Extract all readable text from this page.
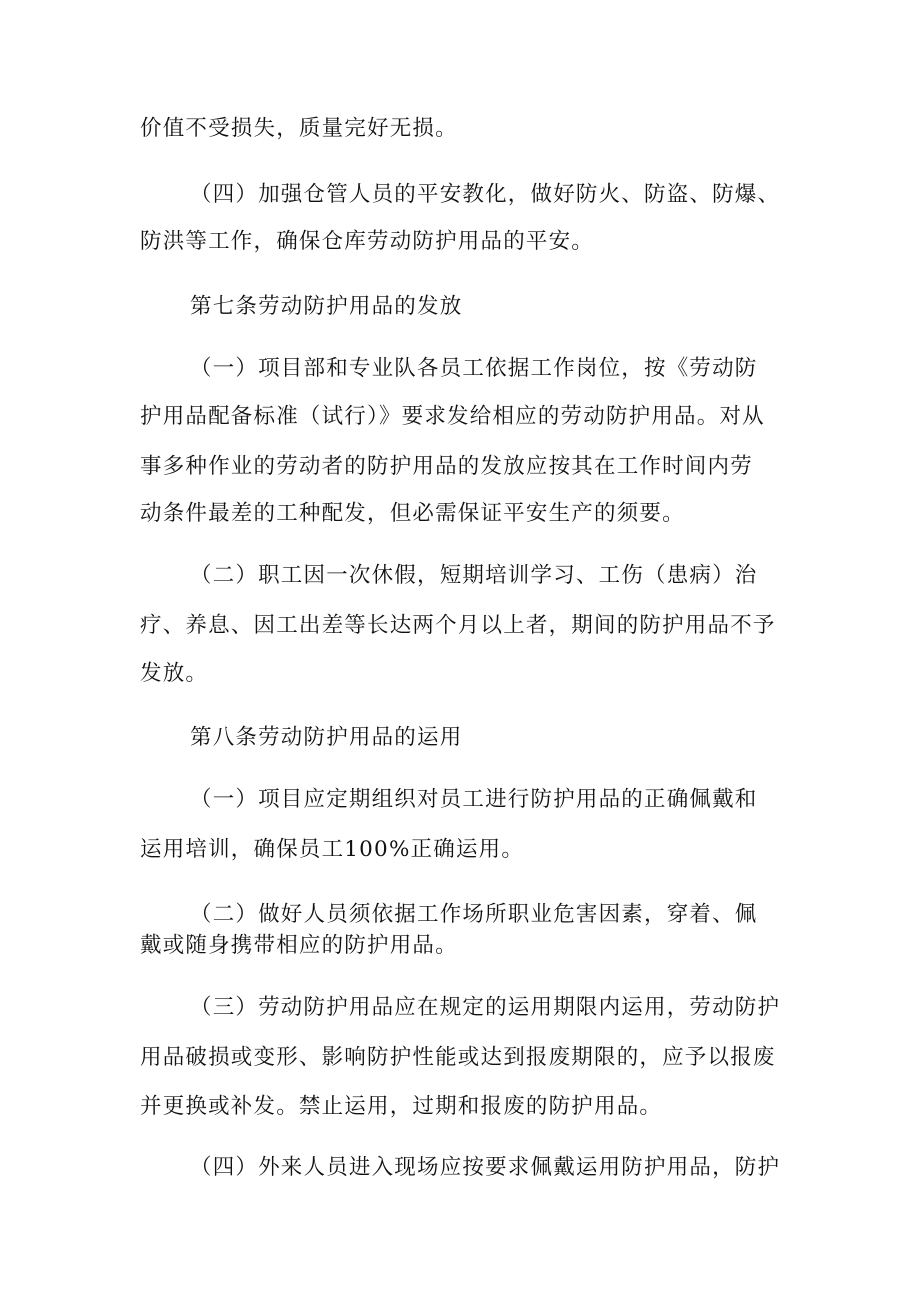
价值不受损失，质量完好无损。
（四）加强仓管人员的平安教化，做好防火、防盗、防爆、
防洪等工作，确保仓库劳动防护用品的平安。
第七条劳动防护用品的发放
（一）项目部和专业队各员工依据工作岗位，按《劳动防
护用品配备标准（试行）》要求发给相应的劳动防护用品。对从
事多种作业的劳动者的防护用品的发放应按其在工作时间内劳
动条件最差的工种配发，但必需保证平安生产的须要。
（二）职工因一次休假，短期培训学习、工伤（患病）治
疗、养息、因工出差等长达两个月以上者，期间的防护用品不予
发放。
第八条劳动防护用品的运用
（一）项目应定期组织对员工进行防护用品的正确佩戴和
运用培训，确保员工100%正确运用。
（二）做好人员须依据工作场所职业危害因素，穿着、佩
戴或随身携带相应的防护用品。
（三）劳动防护用品应在规定的运用期限内运用，劳动防护
用品破损或变形、影响防护性能或达到报废期限的，应予以报废
并更换或补发。禁止运用，过期和报废的防护用品。
（四）外来人员进入现场应按要求佩戴运用防护用品，防护
